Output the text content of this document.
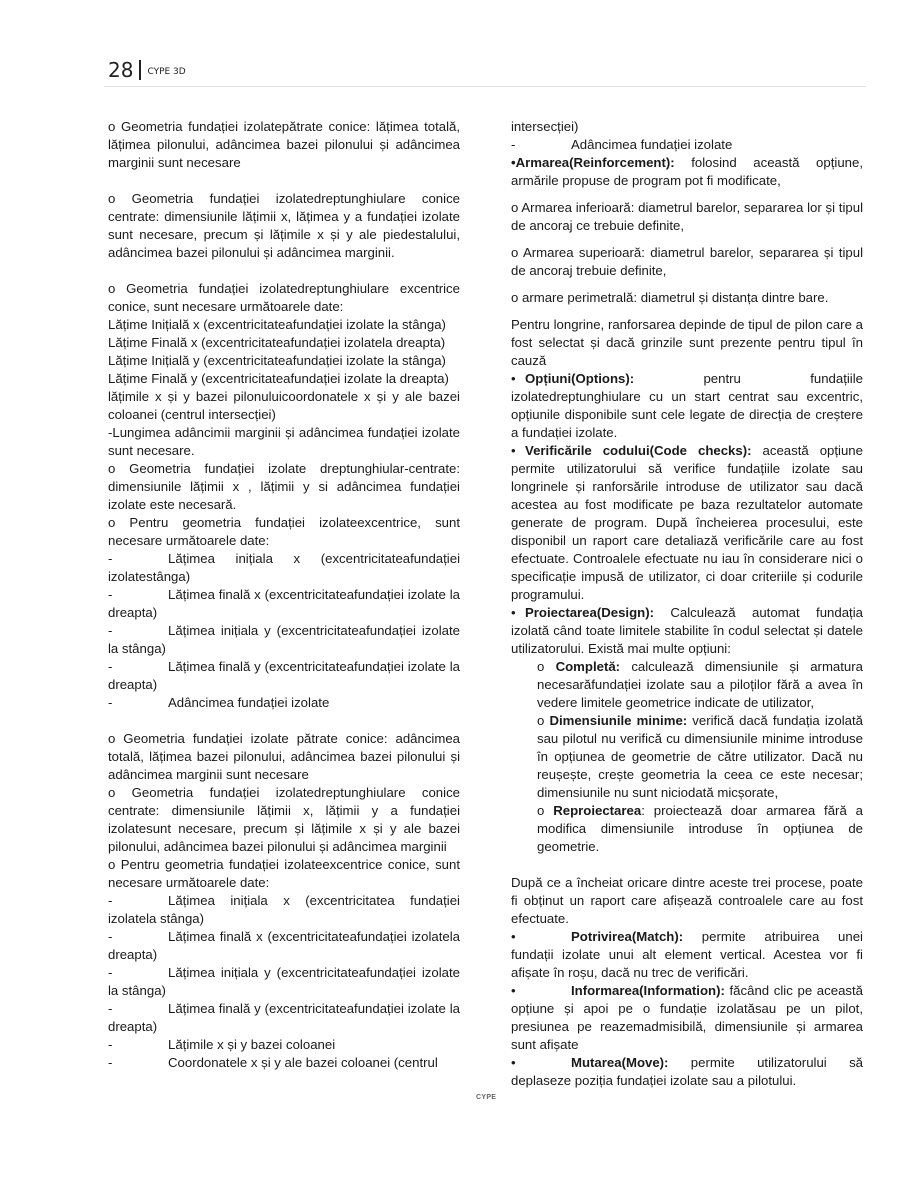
28 CYPE 3D

o Geometria fundației izolatepătrate conice: lățimea totală, lățimea pilonului, adâncimea bazei pilonului și adâncimea marginii sunt necesare

o Geometria fundației izolatedreptunghiulare conice centrate: dimensiunile lățimii x, lățimea y a fundației izolate sunt necesare, precum și lățimile x și y ale piedestalului, adâncimea bazei pilonului și adâncimea marginii.

o Geometria fundației izolatedreptunghiulare excentrice conice, sunt necesare următoarele date:

Lățime Inițială x (excentricitateafundației izolate la stânga)

Lățime Finală x (excentricitateafundației izolatela dreapta)

Lățime Inițială y (excentricitateafundației izolate la stânga)

Lățime Finală y (excentricitateafundației izolate la dreapta)

lățimile x și y bazei pilonuluicoordonatele x și y ale bazei coloanei (centrul intersecției)

-Lungimea adâncimii marginii și adâncimea fundației izolate sunt necesare.

o Geometria fundației izolate dreptunghiular-centrate: dimensiunile lățimii x , lățimii y si adâncimea fundației izolate este necesară.

o Pentru geometria fundației izolateexcentrice, sunt necesare următoarele date:

-	Lățimea inițiala x (excentricitateafundației izolatestânga)

-	Lățimea finală x (excentricitateafundației izolate la dreapta)

-	Lățimea inițiala y (excentricitateafundației izolate la stânga)

-	Lățimea finală y (excentricitateafundației izolate la dreapta)

-	Adâncimea fundației izolate

o Geometria fundației izolate pătrate conice: adâncimea totală, lățimea bazei pilonului, adâncimea bazei pilonului și adâncimea marginii sunt necesare

o Geometria fundației izolatedreptunghiulare conice centrate: dimensiunile lățimii x, lățimii y a fundației izolatesunt necesare, precum și lățimile x și y ale bazei pilonului, adâncimea bazei pilonului și adâncimea marginii

o Pentru geometria fundației izolateexcentrice conice, sunt necesare următoarele date:

-	Lățimea inițiala x (excentricitatea fundației izolatela stânga)

-	Lățimea finală x (excentricitateafundației izolatela dreapta)

-	Lățimea inițiala y (excentricitateafundației izolate la stânga)

-	Lățimea finală y (excentricitateafundației izolate la dreapta)

-	Lățimile x și y bazei coloanei

-	Coordonatele x și y ale bazei coloanei (centrul

intersecției)

-	Adâncimea fundației izolate

•Armarea(Reinforcement): folosind această opțiune, armările propuse de program pot fi modificate,

o Armarea inferioară: diametrul barelor, separarea lor și tipul de ancoraj ce trebuie definite,

o Armarea superioară: diametrul barelor, separarea și tipul de ancoraj trebuie definite,

o armare perimetrală: diametrul și distanța dintre bare.

Pentru longrine, ranforsarea depinde de tipul de pilon care a fost selectat și dacă grinzile sunt prezente pentru tipul în cauză

• Opțiuni(Options): pentru fundațiile izolatedreptunghiulare cu un start centrat sau excentric, opțiunile disponibile sunt cele legate de direcția de creștere a fundației izolate.

• Verificările codului(Code checks): această opțiune permite utilizatorului să verifice fundațiile izolate sau longrinele și ranforsările introduse de utilizator sau dacă acestea au fost modificate pe baza rezultatelor automate generate de program. După încheierea procesului, este disponibil un raport care detaliază verificările care au fost efectuate. Controalele efectuate nu iau în considerare nici o specificație impusă de utilizator, ci doar criteriile și codurile programului.

• Proiectarea(Design): Calculează automat fundația izolată când toate limitele stabilite în codul selectat și datele utilizatorului. Există mai multe opțiuni:

o Completă: calculează dimensiunile și armatura necesarăfundației izolate sau a piloților fără a avea în vedere limitele geometrice indicate de utilizator,

o Dimensiunile minime: verifică dacă fundația izolată sau pilotul nu verifică cu dimensiunile minime introduse în opțiunea de geometrie de către utilizator. Dacă nu reușește, crește geometria la ceea ce este necesar; dimensiunile nu sunt niciodată micșorate,

o Reproiectarea: proiectează doar armarea fără a modifica dimensiunile introduse în opțiunea de geometrie.

După ce a încheiat oricare dintre aceste trei procese, poate fi obținut un raport care afișează controalele care au fost efectuate.

•	Potrivirea(Match): permite atribuirea unei fundații izolate unui alt element vertical. Acestea vor fi afișate în roșu, dacă nu trec de verificări.

•	Informarea(Information): făcând clic pe această opțiune și apoi pe o fundație izolatăsau pe un pilot, presiunea pe reazemadmisibilă, dimensiunile și armarea sunt afișate

•	Mutarea(Move): permite utilizatorului să deplaseze poziția fundației izolate sau a pilotului.

CYPE
